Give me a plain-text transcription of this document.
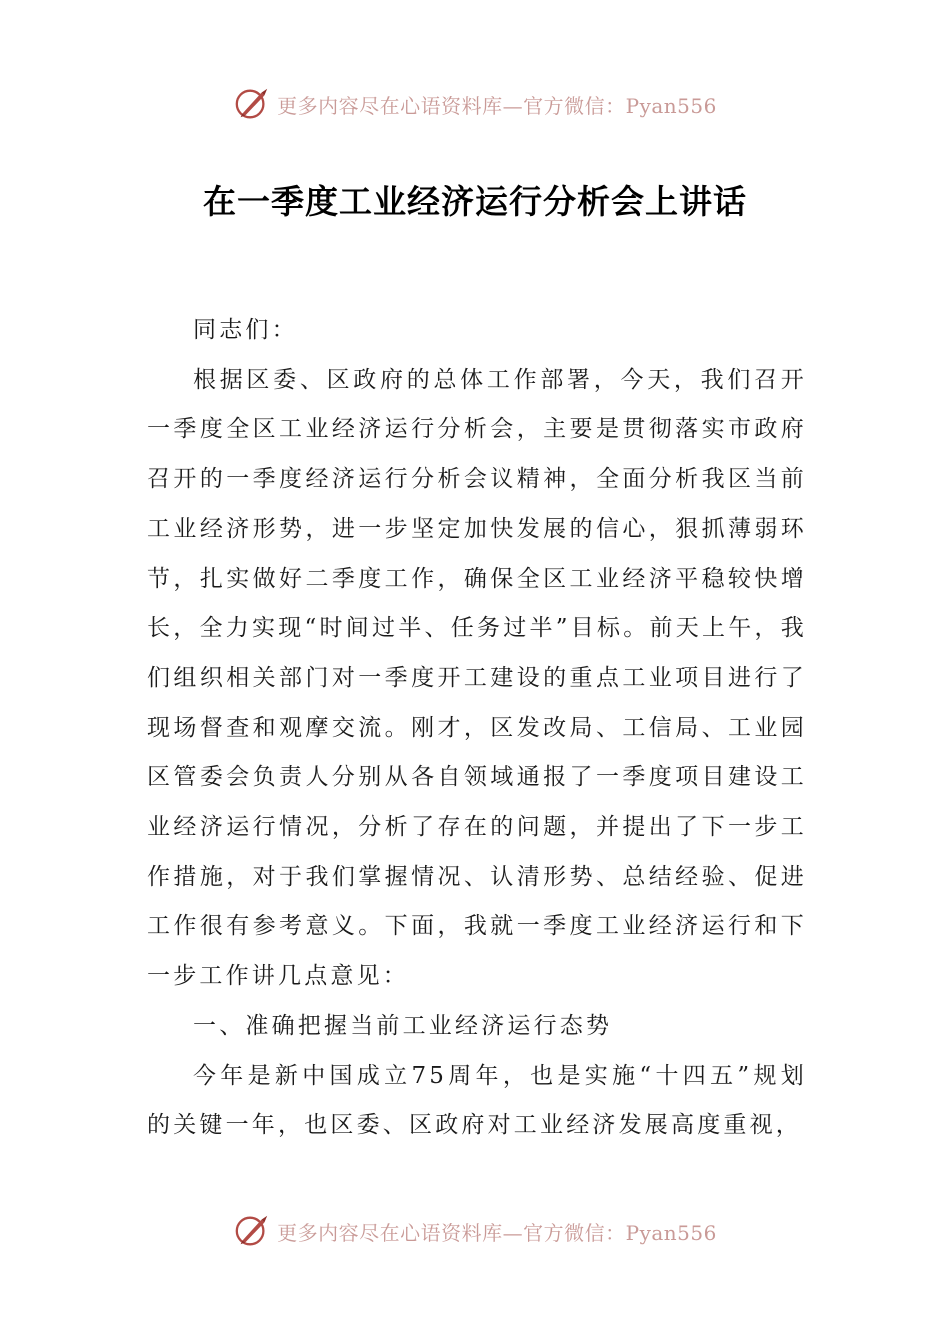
更多内容尽在心语资料库—官方微信：Pyan556
在一季度工业经济运行分析会上讲话

同志们：

根据区委、区政府的总体工作部署，今天，我们召开一季度全区工业经济运行分析会，主要是贯彻落实市政府召开的一季度经济运行分析会议精神，全面分析我区当前工业经济形势，进一步坚定加快发展的信心，狠抓薄弱环节，扎实做好二季度工作，确保全区工业经济平稳较快增长，全力实现“时间过半、任务过半”目标。前天上午，我们组织相关部门对一季度开工建设的重点工业项目进行了现场督查和观摩交流。刚才，区发改局、工信局、工业园区管委会负责人分别从各自领域通报了一季度项目建设工业经济运行情况，分析了存在的问题，并提出了下一步工作措施，对于我们掌握情况、认清形势、总结经验、促进工作很有参考意义。下面，我就一季度工业经济运行和下一步工作讲几点意见：

一、准确把握当前工业经济运行态势

今年是新中国成立75周年，也是实施“十四五”规划的关键一年，也区委、区政府对工业经济发展高度重视，

更多内容尽在心语资料库—官方微信：Pyan556
